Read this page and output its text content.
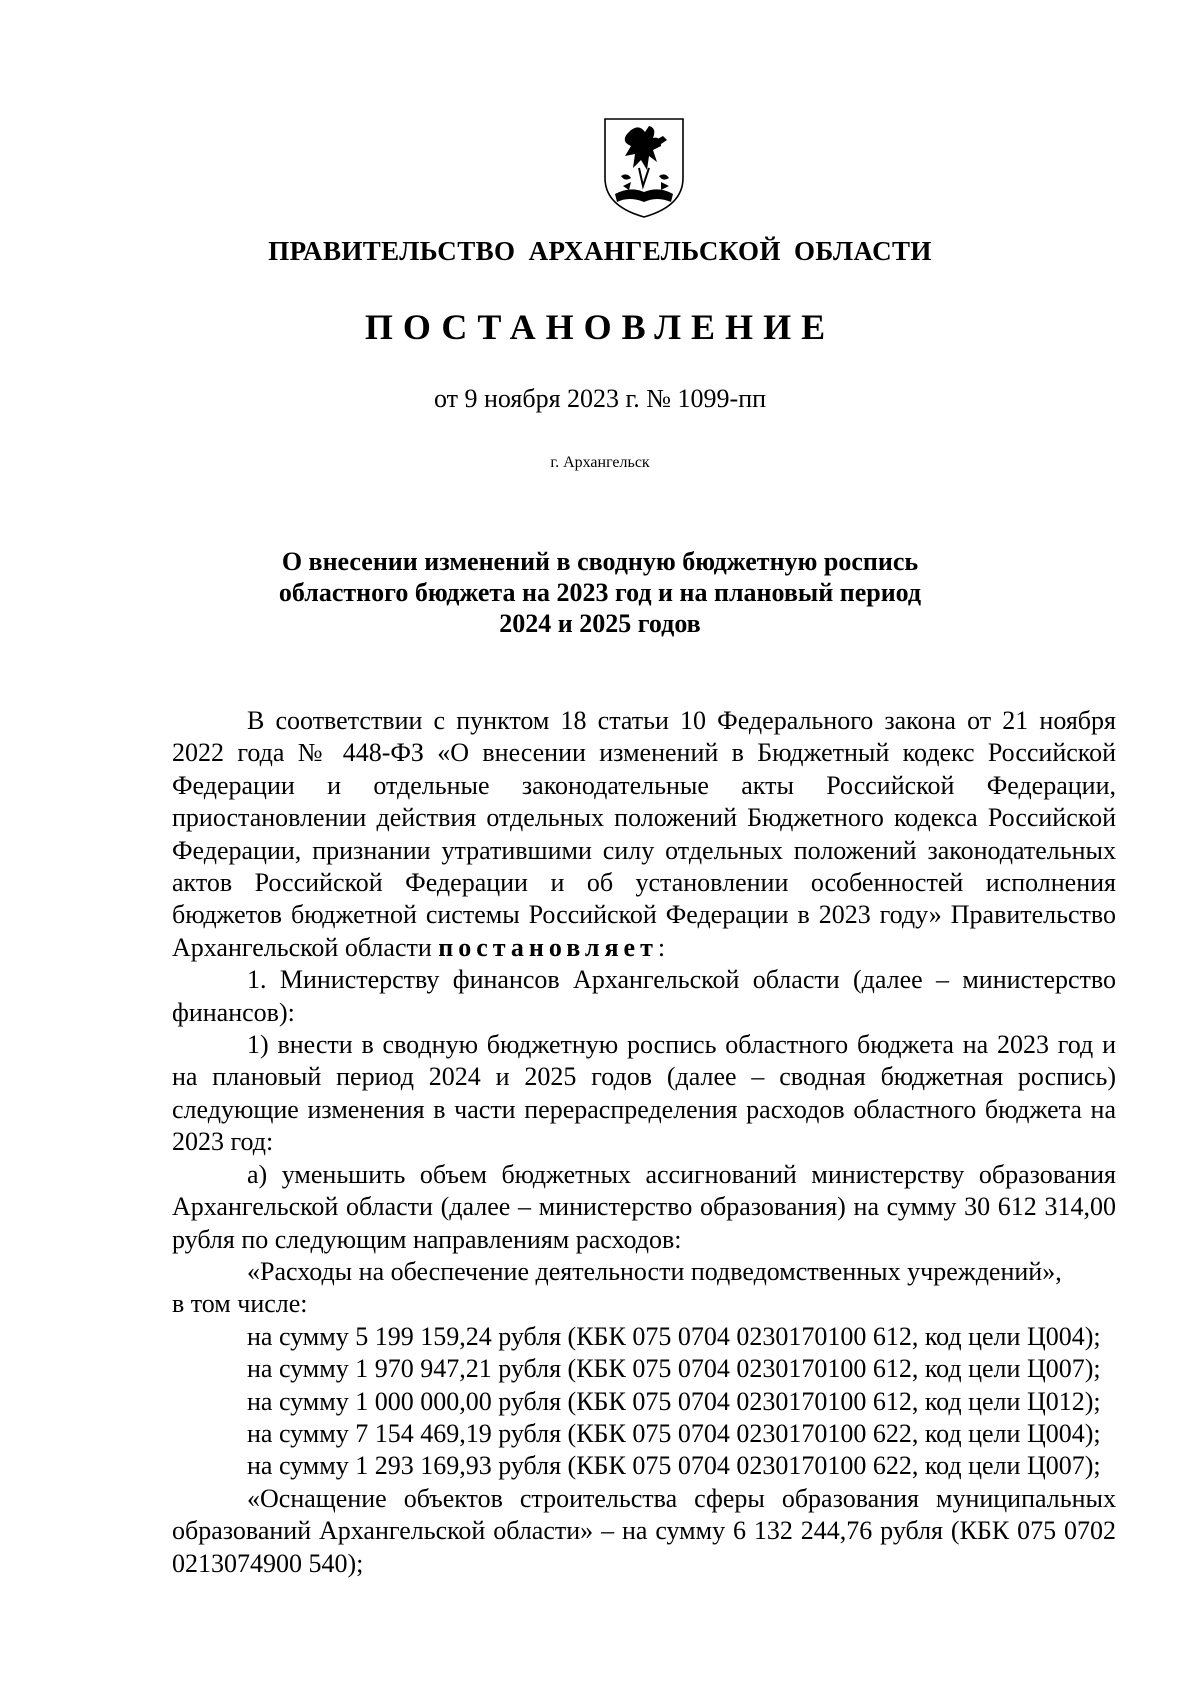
ПРАВИТЕЛЬСТВО АРХАНГЕЛЬСКОЙ ОБЛАСТИ
ПОСТАНОВЛЕНИЕ
от 9 ноября 2023 г. № 1099-пп
г. Архангельск
О внесении изменений в сводную бюджетную роспись
областного бюджета на 2023 год и на плановый период
2024 и 2025 годов

В соответствии с пунктом 18 статьи 10 Федерального закона от 21 ноября 2022 года № 448-ФЗ «О внесении изменений в Бюджетный кодекс Российской Федерации и отдельные законодательные акты Российской Федерации, приостановлении действия отдельных положений Бюджетного кодекса Российской Федерации, признании утратившими силу отдельных положений законодательных актов Российской Федерации и об установлении особенностей исполнения бюджетов бюджетной системы Российской Федерации в 2023 году» Правительство Архангельской области постановляет:

1. Министерству финансов Архангельской области (далее – министерство финансов):

1) внести в сводную бюджетную роспись областного бюджета на 2023 год и на плановый период 2024 и 2025 годов (далее – сводная бюджетная роспись) следующие изменения в части перераспределения расходов областного бюджета на 2023 год:

а) уменьшить объем бюджетных ассигнований министерству образования Архангельской области (далее – министерство образования) на сумму 30 612 314,00 рубля по следующим направлениям расходов:

«Расходы на обеспечение деятельности подведомственных учреждений»,

в том числе:

на сумму 5 199 159,24 рубля (КБК 075 0704 0230170100 612, код цели Ц004);

на сумму 1 970 947,21 рубля (КБК 075 0704 0230170100 612, код цели Ц007);

на сумму 1 000 000,00 рубля (КБК 075 0704 0230170100 612, код цели Ц012);

на сумму 7 154 469,19 рубля (КБК 075 0704 0230170100 622, код цели Ц004);

на сумму 1 293 169,93 рубля (КБК 075 0704 0230170100 622, код цели Ц007);

«Оснащение объектов строительства сферы образования муниципальных образований Архангельской области» – на сумму 6 132 244,76 рубля (КБК 075 0702 0213074900 540);
